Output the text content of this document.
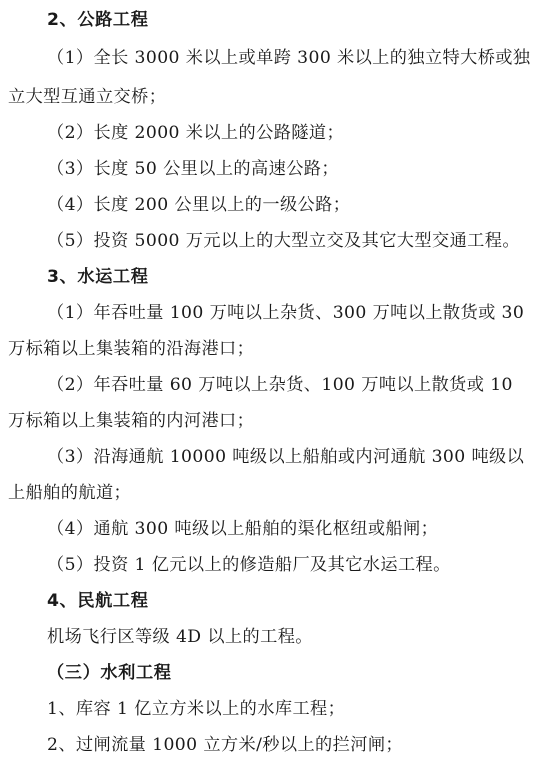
2、公路工程
（1）全长 3000 米以上或单跨 300 米以上的独立特大桥或独
立大型互通立交桥；
（2）长度 2000 米以上的公路隧道；
（3）长度 50 公里以上的高速公路；
（4）长度 200 公里以上的一级公路；
（5）投资 5000 万元以上的大型立交及其它大型交通工程。
3、水运工程
（1）年吞吐量 100 万吨以上杂货、300 万吨以上散货或 30
万标箱以上集装箱的沿海港口；
（2）年吞吐量 60 万吨以上杂货、100 万吨以上散货或 10
万标箱以上集装箱的内河港口；
（3）沿海通航 10000 吨级以上船舶或内河通航 300 吨级以
上船舶的航道；
（4）通航 300 吨级以上船舶的渠化枢纽或船闸；
（5）投资 1 亿元以上的修造船厂及其它水运工程。
4、民航工程
机场飞行区等级 4D 以上的工程。
（三）水利工程
1、库容 1 亿立方米以上的水库工程；
2、过闸流量 1000 立方米/秒以上的拦河闸；
